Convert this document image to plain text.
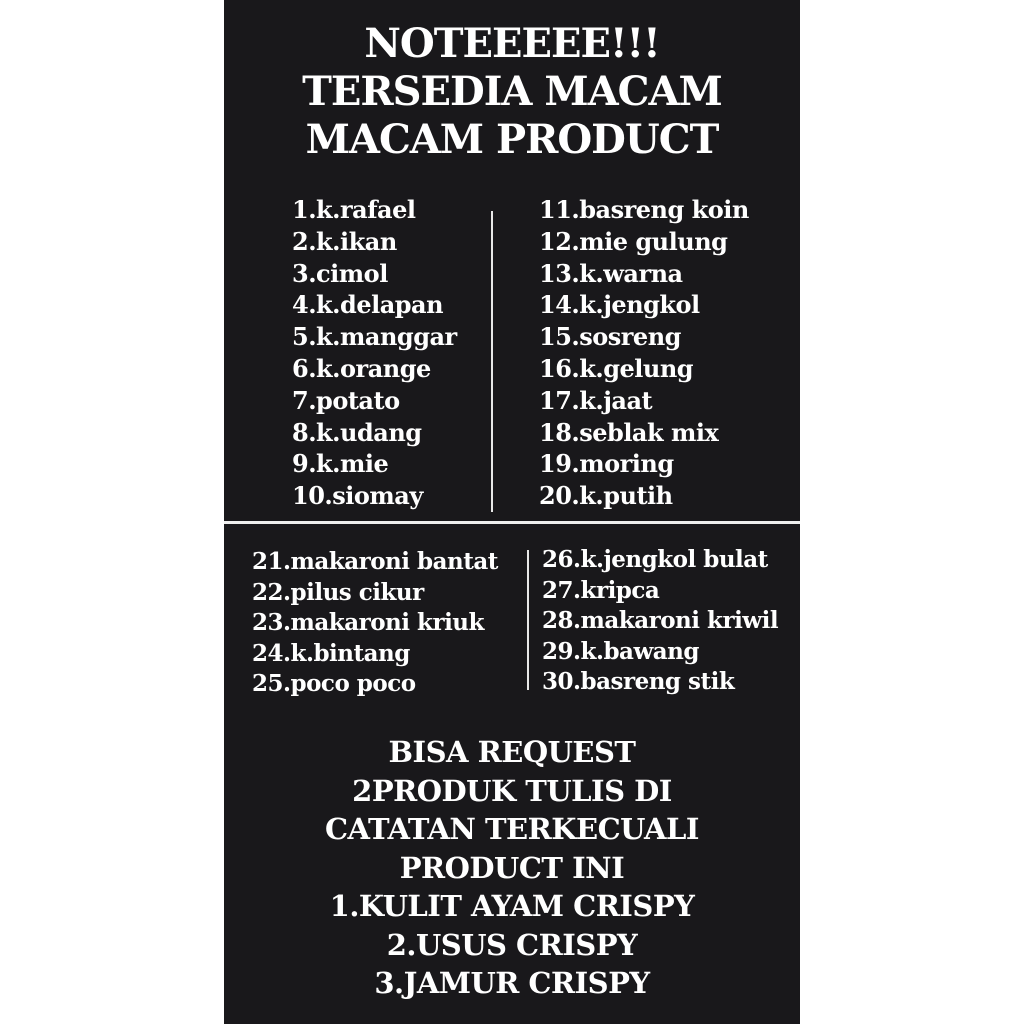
NOTEEEEE!!!
TERSEDIA MACAM
MACAM PRODUCT
1.k.rafael
2.k.ikan
3.cimol
4.k.delapan
5.k.manggar
6.k.orange
7.potato
8.k.udang
9.k.mie
10.siomay
11.basreng koin
12.mie gulung
13.k.warna
14.k.jengkol
15.sosreng
16.k.gelung
17.k.jaat
18.seblak mix
19.moring
20.k.putih
21.makaroni bantat
22.pilus cikur
23.makaroni kriuk
24.k.bintang
25.poco poco
26.k.jengkol bulat
27.kripca
28.makaroni kriwil
29.k.bawang
30.basreng stik
BISA REQUEST
2PRODUK TULIS DI
CATATAN TERKECUALI
PRODUCT INI
1.KULIT AYAM CRISPY
2.USUS CRISPY
3.JAMUR CRISPY
